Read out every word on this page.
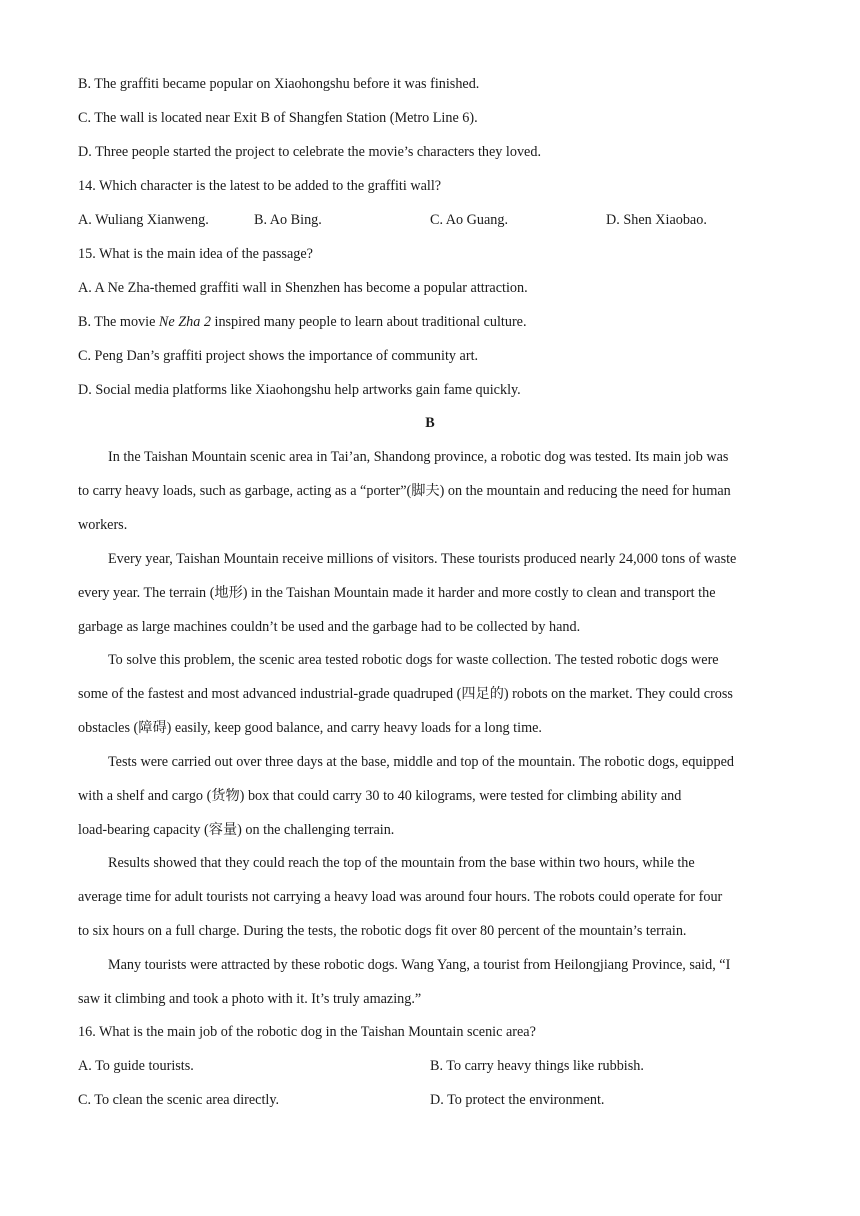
B. The graffiti became popular on Xiaohongshu before it was finished.
C. The wall is located near Exit B of Shangfen Station (Metro Line 6).
D. Three people started the project to celebrate the movie’s characters they loved.
14. Which character is the latest to be added to the graffiti wall?
A. Wuliang Xianweng.	B. Ao Bing.	C. Ao Guang.	D. Shen Xiaobao.
15. What is the main idea of the passage?
A. A Ne Zha-themed graffiti wall in Shenzhen has become a popular attraction.
B. The movie Ne Zha 2 inspired many people to learn about traditional culture.
C. Peng Dan’s graffiti project shows the importance of community art.
D. Social media platforms like Xiaohongshu help artworks gain fame quickly.
B
In the Taishan Mountain scenic area in Tai’an, Shandong province, a robotic dog was tested. Its main job was
to carry heavy loads, such as garbage, acting as a “porter”(脚夫) on the mountain and reducing the need for human
workers.
Every year, Taishan Mountain receive millions of visitors. These tourists produced nearly 24,000 tons of waste
every year. The terrain (地形) in the Taishan Mountain made it harder and more costly to clean and transport the
garbage as large machines couldn’t be used and the garbage had to be collected by hand.
To solve this problem, the scenic area tested robotic dogs for waste collection. The tested robotic dogs were
some of the fastest and most advanced industrial-grade quadruped (四足的) robots on the market. They could cross
obstacles (障碍) easily, keep good balance, and carry heavy loads for a long time.
Tests were carried out over three days at the base, middle and top of the mountain. The robotic dogs, equipped
with a shelf and cargo (货物) box that could carry 30 to 40 kilograms, were tested for climbing ability and
load-bearing capacity (容量) on the challenging terrain.
Results showed that they could reach the top of the mountain from the base within two hours, while the
average time for adult tourists not carrying a heavy load was around four hours. The robots could operate for four
to six hours on a full charge. During the tests, the robotic dogs fit over 80 percent of the mountain’s terrain.
Many tourists were attracted by these robotic dogs. Wang Yang, a tourist from Heilongjiang Province, said, “I
saw it climbing and took a photo with it. It’s truly amazing.”
16. What is the main job of the robotic dog in the Taishan Mountain scenic area?
A. To guide tourists.	B. To carry heavy things like rubbish.
C. To clean the scenic area directly.	D. To protect the environment.
